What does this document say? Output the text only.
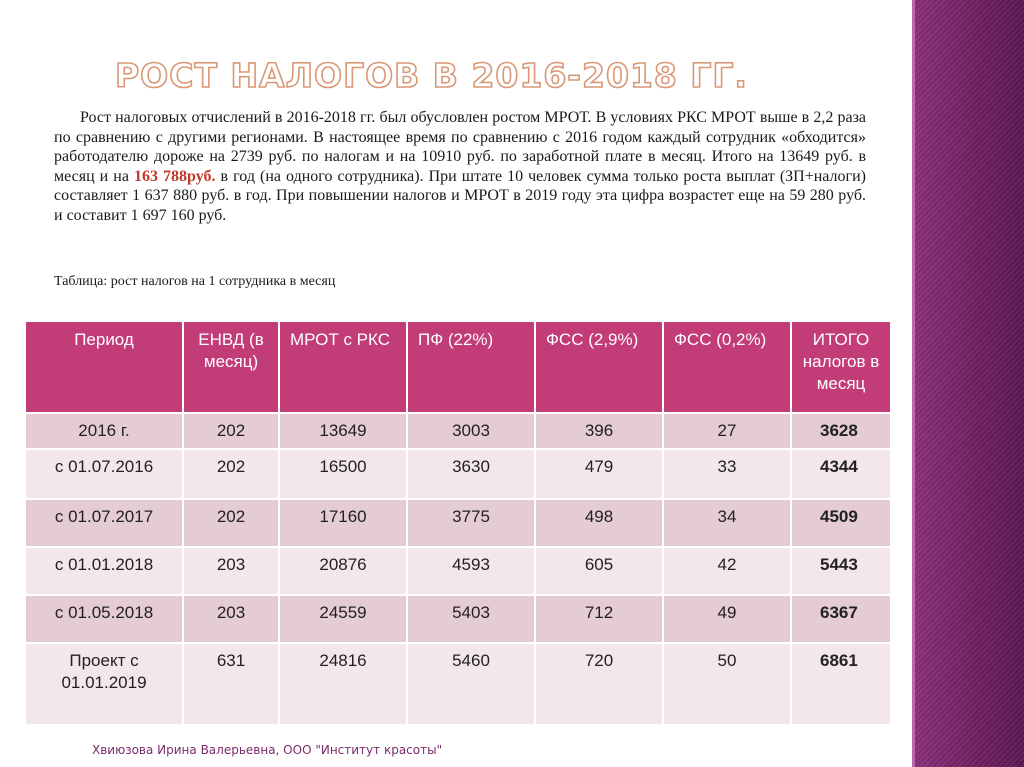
РОСТ НАЛОГОВ В 2016-2018 ГГ.
Рост налоговых отчислений в 2016-2018 гг. был обусловлен ростом МРОТ. В условиях РКС МРОТ выше в 2,2 раза по сравнению с другими регионами. В настоящее время по сравнению с 2016 годом каждый сотрудник «обходится» работодателю дороже на 2739 руб. по налогам и на 10910 руб. по заработной плате в месяц. Итого на 13649 руб. в месяц и на 163 788руб. в год (на одного сотрудника). При штате 10 человек сумма только роста выплат (ЗП+налоги) составляет 1 637 880 руб. в год. При повышении налогов и МРОТ в 2019 году эта цифра возрастет еще на 59 280 руб. и составит 1 697 160 руб.
Таблица: рост налогов на 1 сотрудника в месяц
Период	ЕНВД (в месяц)	МРОТ с РКС	ПФ (22%)	ФСС (2,9%)	ФСС (0,2%)	ИТОГО налогов в месяц
2016 г.	202	13649	3003	396	27	3628
с 01.07.2016	202	16500	3630	479	33	4344
с 01.07.2017	202	17160	3775	498	34	4509
с 01.01.2018	203	20876	4593	605	42	5443
с 01.05.2018	203	24559	5403	712	49	6367
Проект с 01.01.2019	631	24816	5460	720	50	6861
Хвиюзова Ирина Валерьевна, ООО "Институт красоты"
